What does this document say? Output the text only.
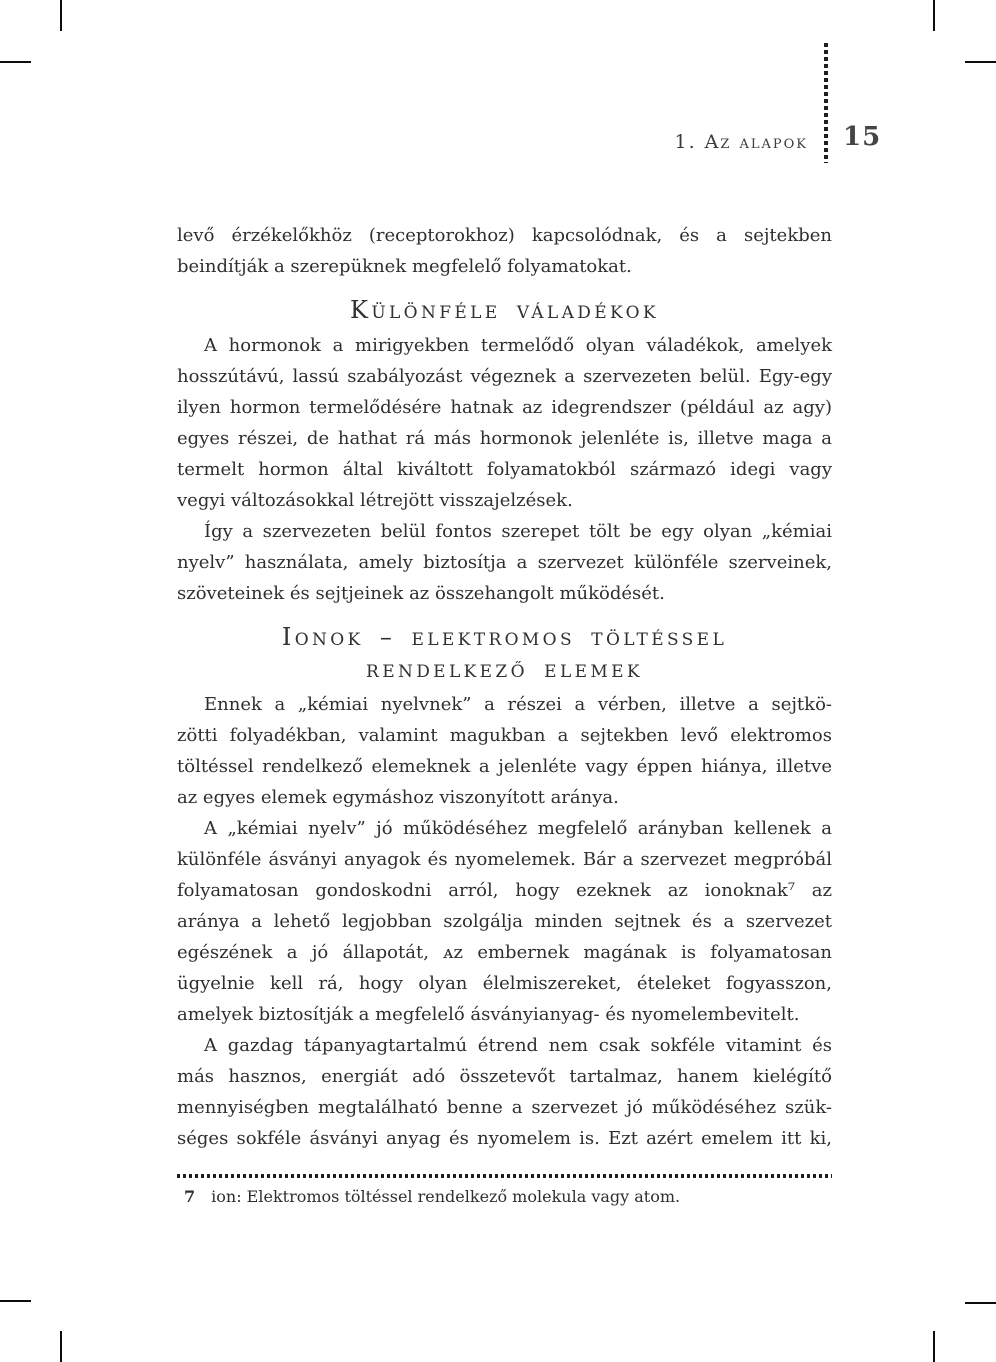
1. Az alapok 15
levő érzékelőkhöz (receptorokhoz) kapcsolódnak, és a sejtekben
beindítják a szerepüknek megfelelő folyamatokat.
Különféle váladékok
A hormonok a mirigyekben termelődő olyan váladékok, amelyek
hosszútávú, lassú szabályozást végeznek a szervezeten belül. Egy-egy
ilyen hormon termelődésére hatnak az idegrendszer (például az agy)
egyes részei, de hathat rá más hormonok jelenléte is, illetve maga a
termelt hormon által kiváltott folyamatokból származó idegi vagy
vegyi változásokkal létrejött visszajelzések.
Így a szervezeten belül fontos szerepet tölt be egy olyan „kémiai
nyelv” használata, amely biztosítja a szervezet különféle szerveinek,
szöveteinek és sejtjeinek az összehangolt működését.
Ionok – elektromos töltéssel
rendelkező elemek
Ennek a „kémiai nyelvnek” a részei a vérben, illetve a sejtkö-
zötti folyadékban, valamint magukban a sejtekben levő elektromos
töltéssel rendelkező elemeknek a jelenléte vagy éppen hiánya, illetve
az egyes elemek egymáshoz viszonyított aránya.
A „kémiai nyelv” jó működéséhez megfelelő arányban kellenek a
különféle ásványi anyagok és nyomelemek. Bár a szervezet megpróbál
folyamatosan gondoskodni arról, hogy ezeknek az ionoknak⁷ az
aránya a lehető legjobban szolgálja minden sejtnek és a szervezet
egészének a jó állapotát, ᴀᴢ embernek magának is folyamatosan
ügyelnie kell rá, hogy olyan élelmiszereket, ételeket fogyasszon,
amelyek biztosítják a megfelelő ásványianyag- és nyomelembevitelt.
A gazdag tápanyagtartalmú étrend nem csak sokféle vitamint és
más hasznos, energiát adó összetevőt tartalmaz, hanem kielégítő
mennyiségben megtalálható benne a szervezet jó működéséhez szük-
séges sokféle ásványi anyag és nyomelem is. Ezt azért emelem itt ki,
7 ion: Elektromos töltéssel rendelkező molekula vagy atom.
